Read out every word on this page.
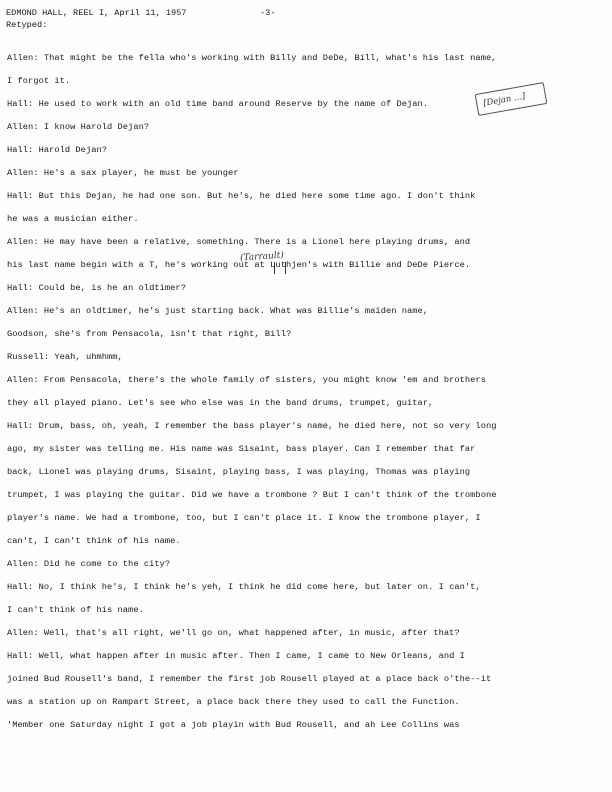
EDMOND HALL, REEL I, April 11, 1957	-3-
Retyped:
Allen: That might be the fella who's working with Billy and DeDe, Bill, what's his last name,
I forgot it.
Hall: He used to work with an old time band around Reserve by the name of Dejan.
Allen: I know Harold Dejan?
Hall: Harold Dejan?
Allen: He's a sax player, he must be younger
Hall: But this Dejan, he had one son. But he's, he died here some time ago. I don't think
he was a musician either.
Allen: He may have been a relative, something. There is a Lionel here playing drums, and
his last name begin with a T, he's working out at Luthjen's with Billie and DeDe Pierce.
Hall: Could be, is he an oldtimer?
Allen: He's an oldtimer, he's just starting back. What was Billie's maiden name,
Goodson, she's from Pensacola, isn't that right, Bill?
Russell: Yeah, uhmhmm,
Allen: From Pensacola, there's the whole family of sisters, you might know 'em and brothers
they all played piano. Let's see who else was in the band drums, trumpet, guitar,
Hall: Drum, bass, oh, yeah, I remember the bass player's name, he died here, not so very long
ago, my sister was telling me. His name was Sisaint, bass player. Can I remember that far
back, Lionel was playing drums, Sisaint, playing bass, I was playing, Thomas was playing
trumpet, I was playing the guitar. Did we have a trombone ? But I can't think of the trombone
player's name. We had a trombone, too, but I can't place it. I know the trombone player, I
can't, I can't think of his name.
Allen: Did he come to the city?
Hall: No, I think he's, I think he's yeh, I think he did come here, but later on. I can't,
I can't think of his name.
Allen: Well, that's all right, we'll go on, what happened after, in music, after that?
Hall: Well, what happen after in music after. Then I came, I came to New Orleans, and I
joined Bud Rousell's band, I remember the first job Rousell played at a place back o'the--it
was a station up on Rampart Street, a place back there they used to call the Function.
'Member one Saturday night I got a job playin with Bud Rousell, and ah Lee Collins was
[Dejan ...]
(Tarrault)
